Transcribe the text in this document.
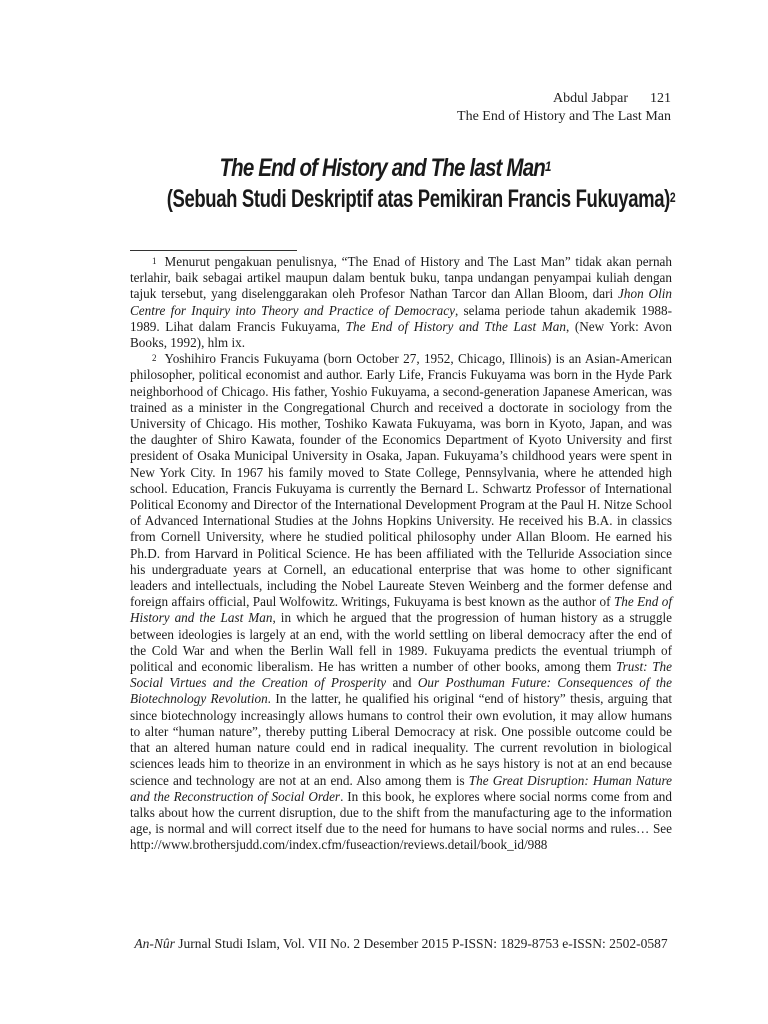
Abdul Jabpar 121
The End of History and The Last Man
The End of History and The last Man$^1$
(Sebuah Studi Deskriptif atas Pemikiran Francis Fukuyama)$^2$

$^1$ Menurut pengakuan penulisnya, “The Enad of History and The Last Man” tidak akan pernah terlahir, baik sebagai artikel maupun dalam bentuk buku, tanpa undangan penyampai kuliah dengan tajuk tersebut, yang diselenggarakan oleh Profesor Nathan Tarcor dan Allan Bloom, dari Jhon Olin Centre for Inquiry into Theory and Practice of Democracy, selama periode tahun akademik 1988-1989. Lihat dalam Francis Fukuyama, The End of History and Tthe Last Man, (New York: Avon Books, 1992), hlm ix.

$^2$ Yoshihiro Francis Fukuyama (born October 27, 1952, Chicago, Illinois) is an Asian-American philosopher, political economist and author. Early Life, Francis Fukuyama was born in the Hyde Park neighborhood of Chicago. His father, Yoshio Fukuyama, a second-generation Japanese American, was trained as a minister in the Congregational Church and received a doctorate in sociology from the University of Chicago. His mother, Toshiko Kawata Fukuyama, was born in Kyoto, Japan, and was the daughter of Shiro Kawata, founder of the Economics Department of Kyoto University and first president of Osaka Municipal University in Osaka, Japan. Fukuyama’s childhood years were spent in New York City. In 1967 his family moved to State College, Pennsylvania, where he attended high school. Education, Francis Fukuyama is currently the Bernard L. Schwartz Professor of International Political Economy and Director of the International Development Program at the Paul H. Nitze School of Advanced International Studies at the Johns Hopkins University. He received his B.A. in classics from Cornell University, where he studied political philosophy under Allan Bloom. He earned his Ph.D. from Harvard in Political Science. He has been affiliated with the Telluride Association since his undergraduate years at Cornell, an educational enterprise that was home to other significant leaders and intellectuals, including the Nobel Laureate Steven Weinberg and the former defense and foreign affairs official, Paul Wolfowitz. Writings, Fukuyama is best known as the author of The End of History and the Last Man, in which he argued that the progression of human history as a struggle between ideologies is largely at an end, with the world settling on liberal democracy after the end of the Cold War and when the Berlin Wall fell in 1989. Fukuyama predicts the eventual triumph of political and economic liberalism. He has written a number of other books, among them Trust: The Social Virtues and the Creation of Prosperity and Our Posthuman Future: Consequences of the Biotechnology Revolution. In the latter, he qualified his original “end of history” thesis, arguing that since biotechnology increasingly allows humans to control their own evolution, it may allow humans to alter “human nature”, thereby putting Liberal Democracy at risk. One possible outcome could be that an altered human nature could end in radical inequality. The current revolution in biological sciences leads him to theorize in an environment in which as he says history is not at an end because science and technology are not at an end. Also among them is The Great Disruption: Human Nature and the Reconstruction of Social Order. In this book, he explores where social norms come from and talks about how the current disruption, due to the shift from the manufacturing age to the information age, is normal and will correct itself due to the need for humans to have social norms and rules… See http://www.brothersjudd.com/index.cfm/fuseaction/reviews.detail/book_id/988

An-Nûr Jurnal Studi Islam, Vol. VII No. 2 Desember 2015 P-ISSN: 1829-8753 e-ISSN: 2502-0587
